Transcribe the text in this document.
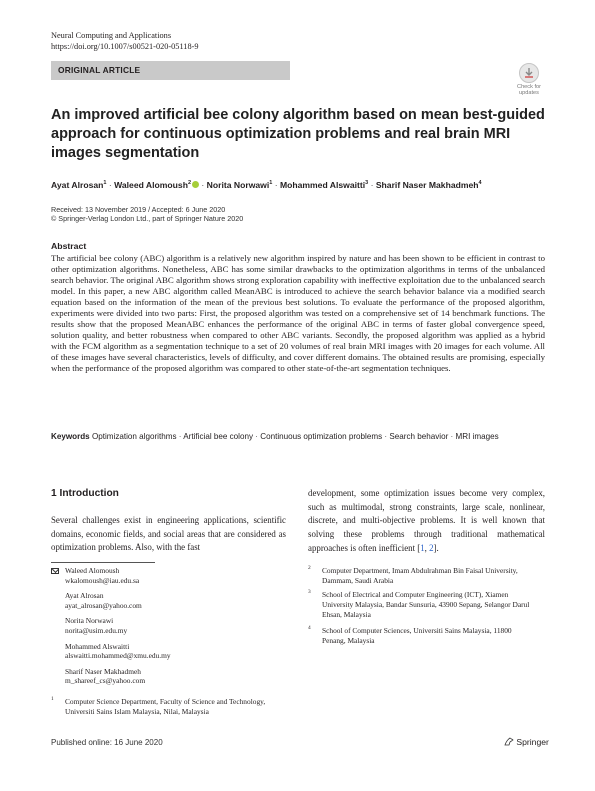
Neural Computing and Applications
https://doi.org/10.1007/s00521-020-05118-9
ORIGINAL ARTICLE
Check for updates
An improved artificial bee colony algorithm based on mean best-guided approach for continuous optimization problems and real brain MRI images segmentation
Ayat Alrosan$^1$ · Waleed Alomoush$^2$ · Norita Norwawi$^1$ · Mohammed Alswaitti$^3$ · Sharif Naser Makhadmeh$^4$
Received: 13 November 2019 / Accepted: 6 June 2020
© Springer-Verlag London Ltd., part of Springer Nature 2020
Abstract
The artificial bee colony (ABC) algorithm is a relatively new algorithm inspired by nature and has been shown to be efficient in contrast to other optimization algorithms. Nonetheless, ABC has some similar drawbacks to the optimization algorithms in terms of the unbalanced search behavior. The original ABC algorithm shows strong exploration capability with ineffective exploitation due to the unbalanced search model. In this paper, a new ABC algorithm called MeanABC is introduced to achieve the search behavior balance via a modified search equation based on the information of the mean of the previous best solutions. To evaluate the performance of the proposed algorithm, experiments were divided into two parts: First, the proposed algorithm was tested on a comprehensive set of 14 benchmark functions. The results show that the proposed MeanABC enhances the performance of the original ABC in terms of faster global convergence speed, solution quality, and better robustness when compared to other ABC variants. Secondly, the proposed algorithm was applied as a hybrid with the FCM algorithm as a segmentation technique to a set of 20 volumes of real brain MRI images with 20 images for each volume. All of these images have several characteristics, levels of difficulty, and cover different domains. The obtained results are promising, especially when the performance of the proposed algorithm was compared to other state-of-the-art segmentation techniques.
Keywords Optimization algorithms · Artificial bee colony · Continuous optimization problems · Search behavior · MRI images
1 Introduction
Several challenges exist in engineering applications, scientific domains, economic fields, and social areas that are considered as optimization problems. Also, with the fast
development, some optimization issues become very complex, such as multimodal, strong constraints, large scale, nonlinear, discrete, and multi-objective problems. It is well known that solving these problems through traditional mathematical approaches is often inefficient [1, 2].
Waleed Alomoush
wkalomoush@iau.edu.sa
Ayat Alrosan
ayat_alrosan@yahoo.com
Norita Norwawi
norita@usim.edu.my
Mohammed Alswaitti
alswaitti.mohammed@xmu.edu.my
Sharif Naser Makhadmeh
m_shareef_cs@yahoo.com
1 Computer Science Department, Faculty of Science and Technology, Universiti Sains Islam Malaysia, Nilai, Malaysia
2 Computer Department, Imam Abdulrahman Bin Faisal University, Dammam, Saudi Arabia
3 School of Electrical and Computer Engineering (ICT), Xiamen University Malaysia, Bandar Sunsuria, 43900 Sepang, Selangor Darul Ehsan, Malaysia
4 School of Computer Sciences, Universiti Sains Malaysia, 11800 Penang, Malaysia
Published online: 16 June 2020	Springer
